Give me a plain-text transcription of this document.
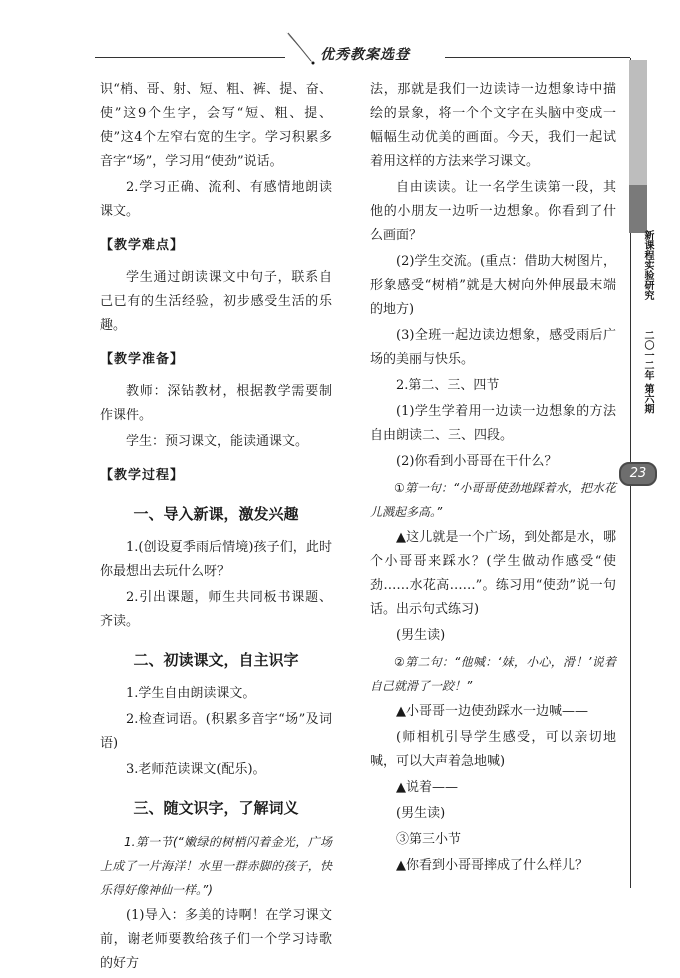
优秀教案选登
新课程实验研究
二〇一二年 第六期
23

识“梢、哥、射、短、粗、裤、提、奋、使”这9个生字，会写“短、粗、提、使”这4个左窄右宽的生字。学习积累多音字“场”，学习用“使劲”说话。

2.学习正确、流利、有感情地朗读课文。

【教学难点】

学生通过朗读课文中句子，联系自己已有的生活经验，初步感受生活的乐趣。

【教学准备】

教师：深钻教材，根据教学需要制作课件。

学生：预习课文，能读通课文。

【教学过程】
一、导入新课，激发兴趣

1.(创设夏季雨后情境)孩子们，此时你最想出去玩什么呀？

2.引出课题，师生共同板书课题、齐读。

二、初读课文，自主识字

1.学生自由朗读课文。

2.检查词语。(积累多音字“场”及词语)

3.老师范读课文(配乐)。

三、随文识字，了解词义

1.第一节(“嫩绿的树梢闪着金光，广场上成了一片海洋！水里一群赤脚的孩子，快乐得好像神仙一样。”)

(1)导入：多美的诗啊！在学习课文前，谢老师要教给孩子们一个学习诗歌的好方

法，那就是我们一边读诗一边想象诗中描绘的景象，将一个个文字在头脑中变成一幅幅生动优美的画面。今天，我们一起试着用这样的方法来学习课文。

自由读读。让一名学生读第一段，其他的小朋友一边听一边想象。你看到了什么画面？

(2)学生交流。(重点：借助大树图片，形象感受“树梢”就是大树向外伸展最末端的地方)

(3)全班一起边读边想象，感受雨后广场的美丽与快乐。

2.第二、三、四节

(1)学生学着用一边读一边想象的方法自由朗读二、三、四段。

(2)你看到小哥哥在干什么？

①第一句：“小哥哥使劲地踩着水，把水花儿溅起多高。”

▲这儿就是一个广场，到处都是水，哪个小哥哥来踩水？(学生做动作感受“使劲……水花高……”。练习用“使劲”说一句话。出示句式练习)

(男生读)

②第二句：“他喊：‘妹，小心，滑！’说着自己就滑了一跤！”

▲小哥哥一边使劲踩水一边喊——

(师相机引导学生感受，可以亲切地喊，可以大声着急地喊)

▲说着——

(男生读)

③第三小节

▲你看到小哥哥摔成了什么样儿？
